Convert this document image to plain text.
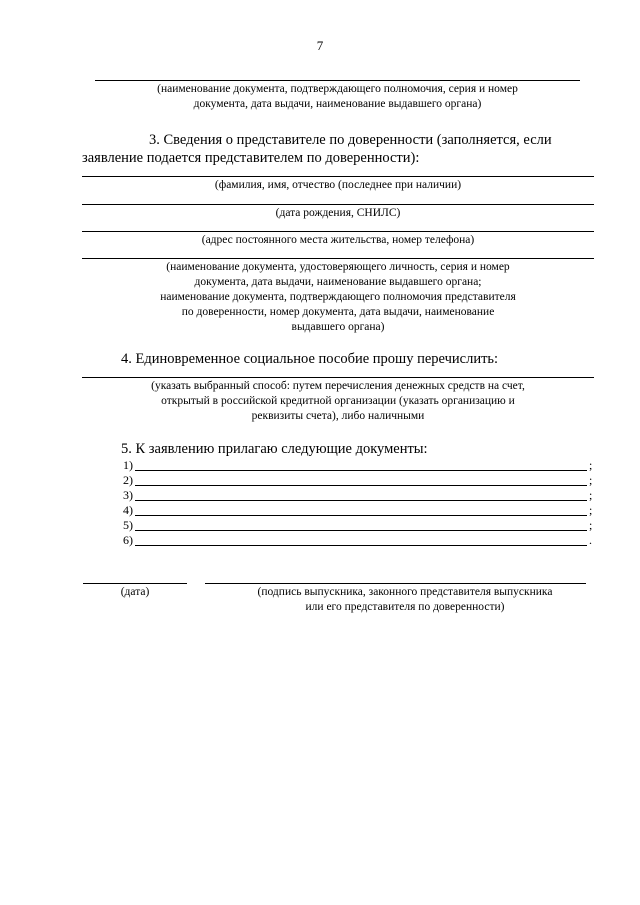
7
(наименование документа, подтверждающего полномочия, серия и номер
документа, дата выдачи, наименование выдавшего органа)
3. Сведения о представителе по доверенности (заполняется, если
заявление подается представителем по доверенности):
(фамилия, имя, отчество (последнее при наличии)
(дата рождения, СНИЛС)
(адрес постоянного места жительства, номер телефона)
(наименование документа, удостоверяющего личность, серия и номер
документа, дата выдачи, наименование выдавшего органа;
наименование документа, подтверждающего полномочия представителя
по доверенности, номер документа, дата выдачи, наименование
выдавшего органа)
4. Единовременное социальное пособие прошу перечислить:
(указать выбранный способ: путем перечисления денежных средств на счет,
открытый в российской кредитной организации (указать организацию и
реквизиты счета), либо наличными
5. К заявлению прилагаю следующие документы:
1)	;
2)	;
3)	;
4)	;
5)	;
6)	.
(дата)	(подпись выпускника, законного представителя выпускника
или его представителя по доверенности)
